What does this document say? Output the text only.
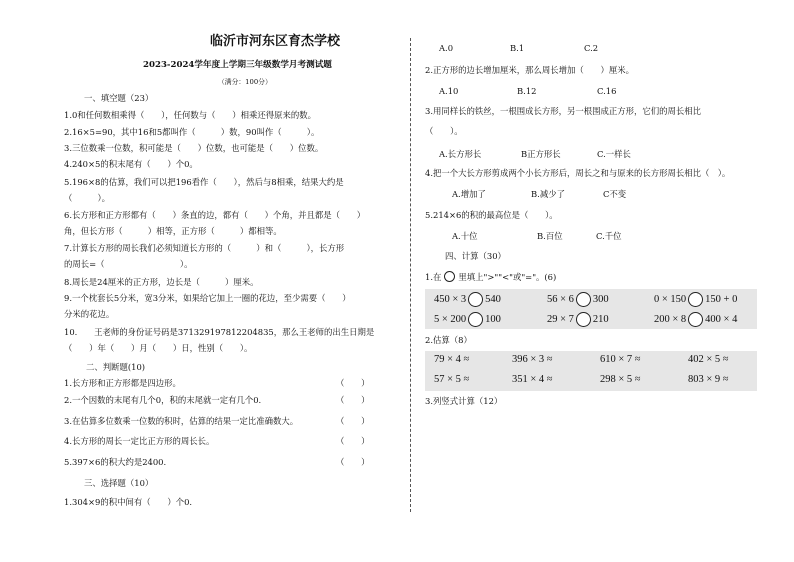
临沂市河东区育杰学校
2023-2024学年度上学期三年级数学月考测试题
（满分：100分）
一、填空题（23）
1.0和任何数相乘得（　　），任何数与（　　）相乘还得原来的数。
2.16×5=90，其中16和5都叫作（　　　）数，90叫作（　　　）。
3.三位数乘一位数，积可能是（　　）位数，也可能是（　　）位数。
4.240×5的积末尾有（　　）个0。
5.196×8的估算，我们可以把196看作（　　），然后与8相乘，结果大约是
（　　　）。
6.长方形和正方形都有（　　）条直的边，都有（　　）个角，并且都是（　　）
角，但长方形（　　　）相等，正方形（　　　）都相等。
7.计算长方形的周长我们必须知道长方形的（　　　）和（　　　），长方形
的周长=（　　　　　　　　　）。
8.周长是24厘米的正方形，边长是（　　　）厘米。
9.一个枕套长5分米，宽3分米，如果给它加上一圈的花边，至少需要（　　）
分米的花边。
10.　　王老师的身份证号码是371329197812204835，那么王老师的出生日期是
（　　）年（　　）月（　　）日，性别（　　）。
二、判断题(10)
1.长方形和正方形都是四边形。	（　　）
2.一个因数的末尾有几个0，积的末尾就一定有几个0.	（　　）
3.在估算多位数乘一位数的积时，估算的结果一定比准确数大。	（　　）
4.长方形的周长一定比正方形的周长长。	（　　）
5.397×6的积大约是2400.	（　　）
三、选择题（10）
1.304×9的积中间有（　　）个0.
A.0	B.1	C.2
2.正方形的边长增加厘米，那么周长增加（　　）厘米。
A.10	B.12	C.16
3.用同样长的铁丝，一根围成长方形，另一根围成正方形，它们的周长相比
（　　）。
A.长方形长	B正方形长	C.一样长
4.把一个大长方形剪成两个小长方形后，周长之和与原来的长方形周长相比（　）。
A.增加了	B.减少了	C不变
5.214×6的积的最高位是（　　）。
A.十位	B.百位	C.千位
四、计算（30）
1.在 里填上">""<"或"="。(6)
450 × 3 540	56 × 6 300	0 × 150 150 + 0
5 × 200 100	29 × 7 210	200 × 8 400 × 4
2.估算（8）
79 × 4 ≈	396 × 3 ≈	610 × 7 ≈	402 × 5 ≈
57 × 5 ≈	351 × 4 ≈	298 × 5 ≈	803 × 9 ≈
3.列竖式计算（12）
